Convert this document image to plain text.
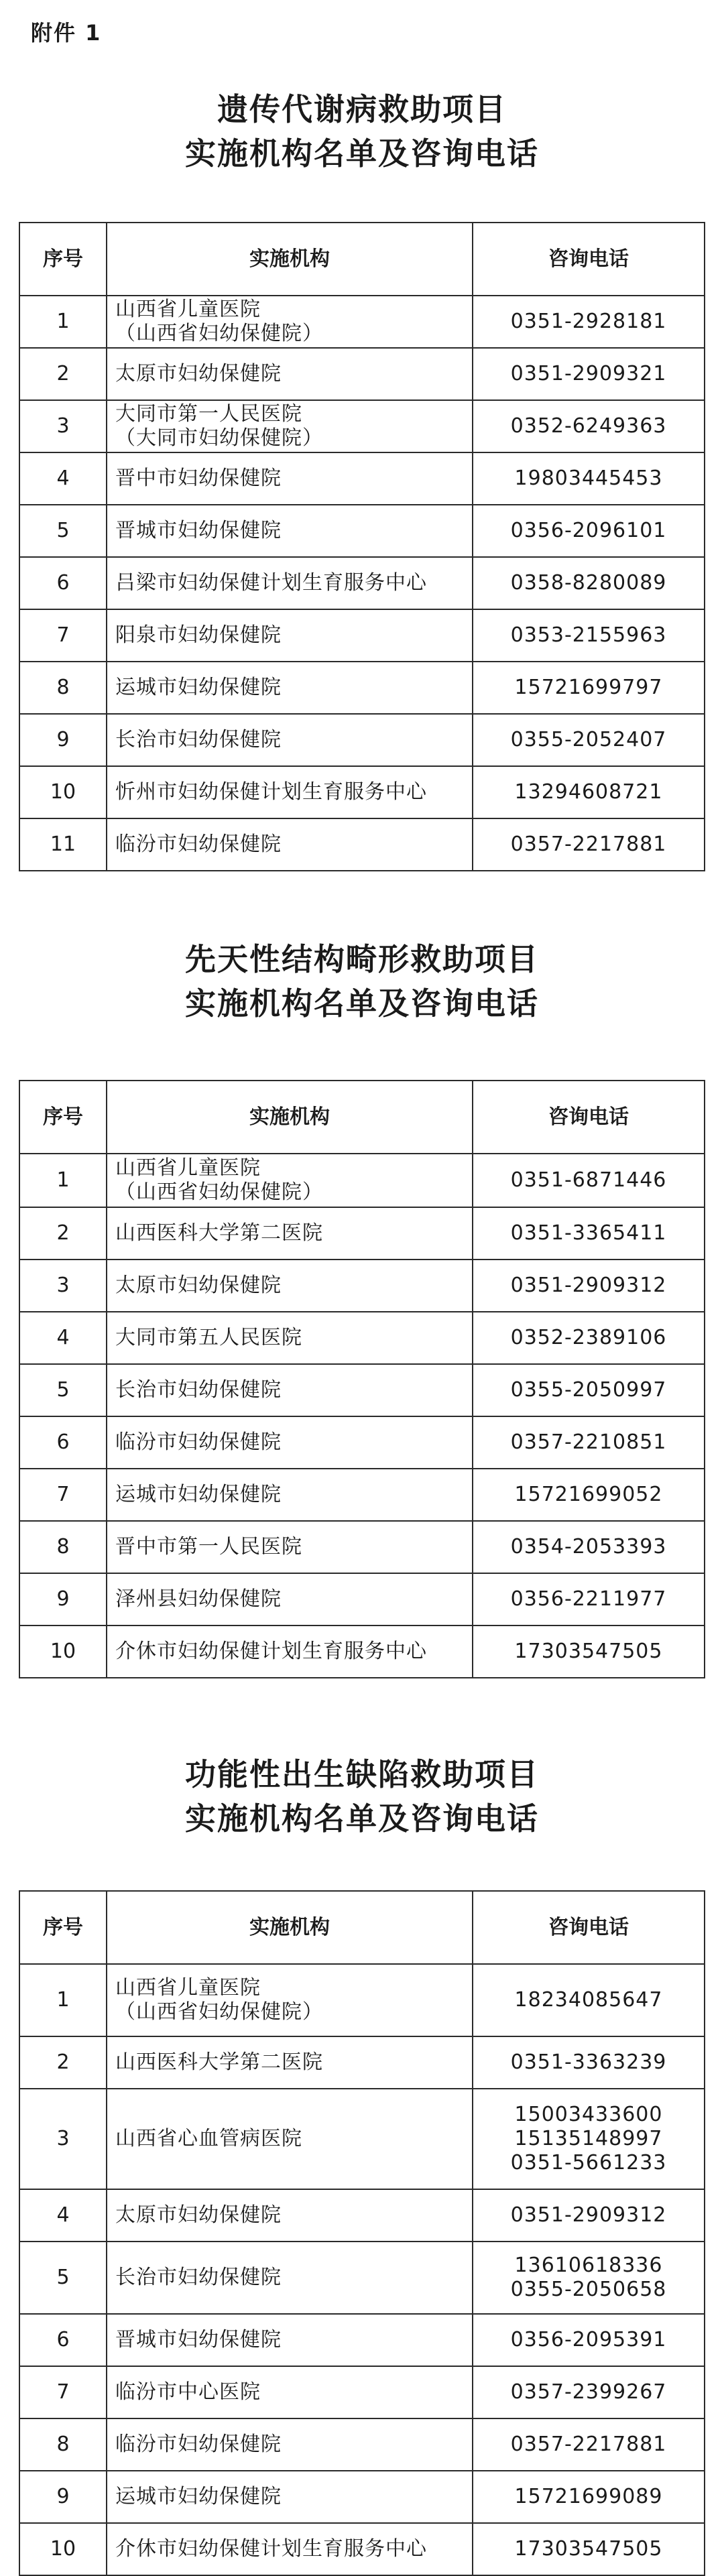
附件 1
遗传代谢病救助项目
实施机构名单及咨询电话
序号	实施机构	咨询电话
1	山西省儿童医院
（山西省妇幼保健院）	0351-2928181

2	太原市妇幼保健院	0351-2909321

3	大同市第一人民医院
（大同市妇幼保健院）	0352-6249363

4	晋中市妇幼保健院	19803445453

5	晋城市妇幼保健院	0356-2096101

6	吕梁市妇幼保健计划生育服务中心	0358-8280089

7	阳泉市妇幼保健院	0353-2155963

8	运城市妇幼保健院	15721699797

9	长治市妇幼保健院	0355-2052407

10	忻州市妇幼保健计划生育服务中心	13294608721

11	临汾市妇幼保健院	0357-2217881
先天性结构畸形救助项目
实施机构名单及咨询电话
序号	实施机构	咨询电话
1	山西省儿童医院
（山西省妇幼保健院）	0351-6871446

2	山西医科大学第二医院	0351-3365411

3	太原市妇幼保健院	0351-2909312

4	大同市第五人民医院	0352-2389106

5	长治市妇幼保健院	0355-2050997

6	临汾市妇幼保健院	0357-2210851

7	运城市妇幼保健院	15721699052

8	晋中市第一人民医院	0354-2053393

9	泽州县妇幼保健院	0356-2211977

10	介休市妇幼保健计划生育服务中心	17303547505
功能性出生缺陷救助项目
实施机构名单及咨询电话
序号	实施机构	咨询电话
1	山西省儿童医院
（山西省妇幼保健院）	18234085647

2	山西医科大学第二医院	0351-3363239

3	山西省心血管病医院	15003433600
15135148997
0351-5661233

4	太原市妇幼保健院	0351-2909312

5	长治市妇幼保健院	13610618336
0355-2050658

6	晋城市妇幼保健院	0356-2095391

7	临汾市中心医院	0357-2399267

8	临汾市妇幼保健院	0357-2217881

9	运城市妇幼保健院	15721699089

10	介休市妇幼保健计划生育服务中心	17303547505
